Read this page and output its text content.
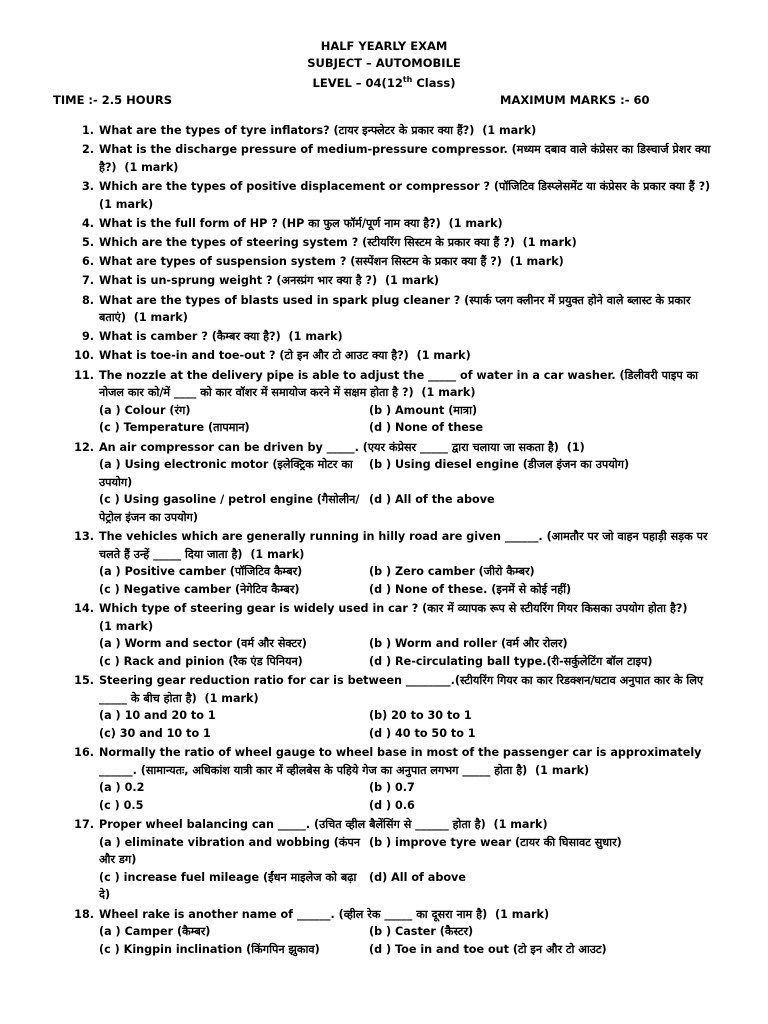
HALF YEARLY EXAM
SUBJECT – AUTOMOBILE
LEVEL – 04(12th Class)
TIME :- 2.5 HOURS	MAXIMUM MARKS :- 60
1. What are the types of tyre inflators? (टायर इन्फ्लेटर के प्रकार क्या हैं?) (1 mark)
2. What is the discharge pressure of medium-pressure compressor. (मध्यम दबाव वाले कंप्रेसर का डिस्चार्ज प्रेशर क्या है?) (1 mark)
3. Which are the types of positive displacement or compressor ? (पॉजिटिव डिस्प्लेसमेंट या कंप्रेसर के प्रकार क्या हैं ?)  (1 mark)
4. What is the full form of HP ? (HP का फुल फॉर्म/पूर्ण नाम क्या है?) (1 mark)
5. Which are the types of steering system ? (स्टीयरिंग सिस्टम के प्रकार क्या हैं ?) (1 mark)
6. What are types of suspension system ? (सस्पेंशन सिस्टम के प्रकार क्या हैं ?) (1 mark)
7. What is un-sprung weight ? (अनस्प्रंग भार क्या है ?) (1 mark)
8. What are the types of blasts used in spark plug cleaner ? (स्पार्क प्लग क्लीनर में प्रयुक्त होने वाले ब्लास्ट के प्रकार बताएं) (1 mark)
9. What is camber ? (कैम्बर क्या है?) (1 mark)
10. What is toe-in and toe-out ? (टो इन और टो आउट क्या है?) (1 mark)
11. The nozzle at the delivery pipe is able to adjust the _____ of water in a car washer. (डिलीवरी पाइप का नोजल कार को/में ____ को कार वॉशर में समायोज करने में सक्षम होता है ?) (1 mark)
(a ) Colour (रंग)	(b ) Amount (मात्रा)
(c ) Temperature (तापमान)	(d ) None of these
12. An air compressor can be driven by _____. (एयर कंप्रेसर _____ द्वारा चलाया जा सकता है) (1)
(a ) Using electronic motor (इलेक्ट्रिक मोटर का उपयोग)
(b ) Using diesel engine (डीजल इंजन का उपयोग)
(c ) Using gasoline / petrol engine (गैसोलीन/पेट्रोल इंजन का उपयोग)
(d ) All of the above
13. The vehicles which are generally running in hilly road are given ______. (आमतौर पर जो वाहन पहाड़ी सड़क पर चलते हैं उन्हें _____ दिया जाता है) (1 mark)
(a ) Positive camber (पॉजिटिव कैम्बर)	(b ) Zero camber (जीरो कैम्बर)
(c ) Negative camber (नेगेटिव कैम्बर)	(d ) None of these. (इनमें से कोई नहीं)
14. Which type of steering gear is widely used in car ? (कार में व्यापक रूप से स्टीयरिंग गियर किसका उपयोग होता है?)  (1 mark)
(a ) Worm and sector (वर्म और सेक्टर)	(b ) Worm and roller (वर्म और रोलर)
(c ) Rack and pinion (रैक एंड पिनियन)	(d ) Re-circulating ball type.(री-सर्कुलेटिंग बॉल टाइप)
15. Steering gear reduction ratio for car is between ________.(स्टीयरिंग गियर का कार रिडक्शन/घटाव अनुपात कार के लिए _____ के बीच होता है) (1 mark)
(a ) 10 and 20 to 1	(b) 20 to 30 to 1
(c) 30 and 10 to 1	(d ) 40 to 50 to 1
16. Normally the ratio of wheel gauge to wheel base in most of the passenger car is approximately ______. (सामान्यतः, अधिकांश यात्री कार में व्हीलबेस के पहिये गेज का अनुपात लगभग _____ होता है) (1 mark)
(a ) 0.2	(b ) 0.7
(c ) 0.5	(d ) 0.6
17. Proper wheel balancing can _____. (उचित व्हील बैलेंसिंग से ______ होता है) (1 mark)
(a ) eliminate vibration and wobbing (कंपन और डग)
(b ) improve tyre wear (टायर की घिसावट सुधार)
(c ) increase fuel mileage (ईंधन माइलेज को बढ़ा दे)
(d) All of above
18. Wheel rake is another name of ______. (व्हील रेक _____ का दूसरा नाम है) (1 mark)
(a ) Camper (कैम्बर)	(b ) Caster (कैस्टर)
(c ) Kingpin inclination (किंगपिन झुकाव)	(d ) Toe in and toe out (टो इन और टो आउट)
